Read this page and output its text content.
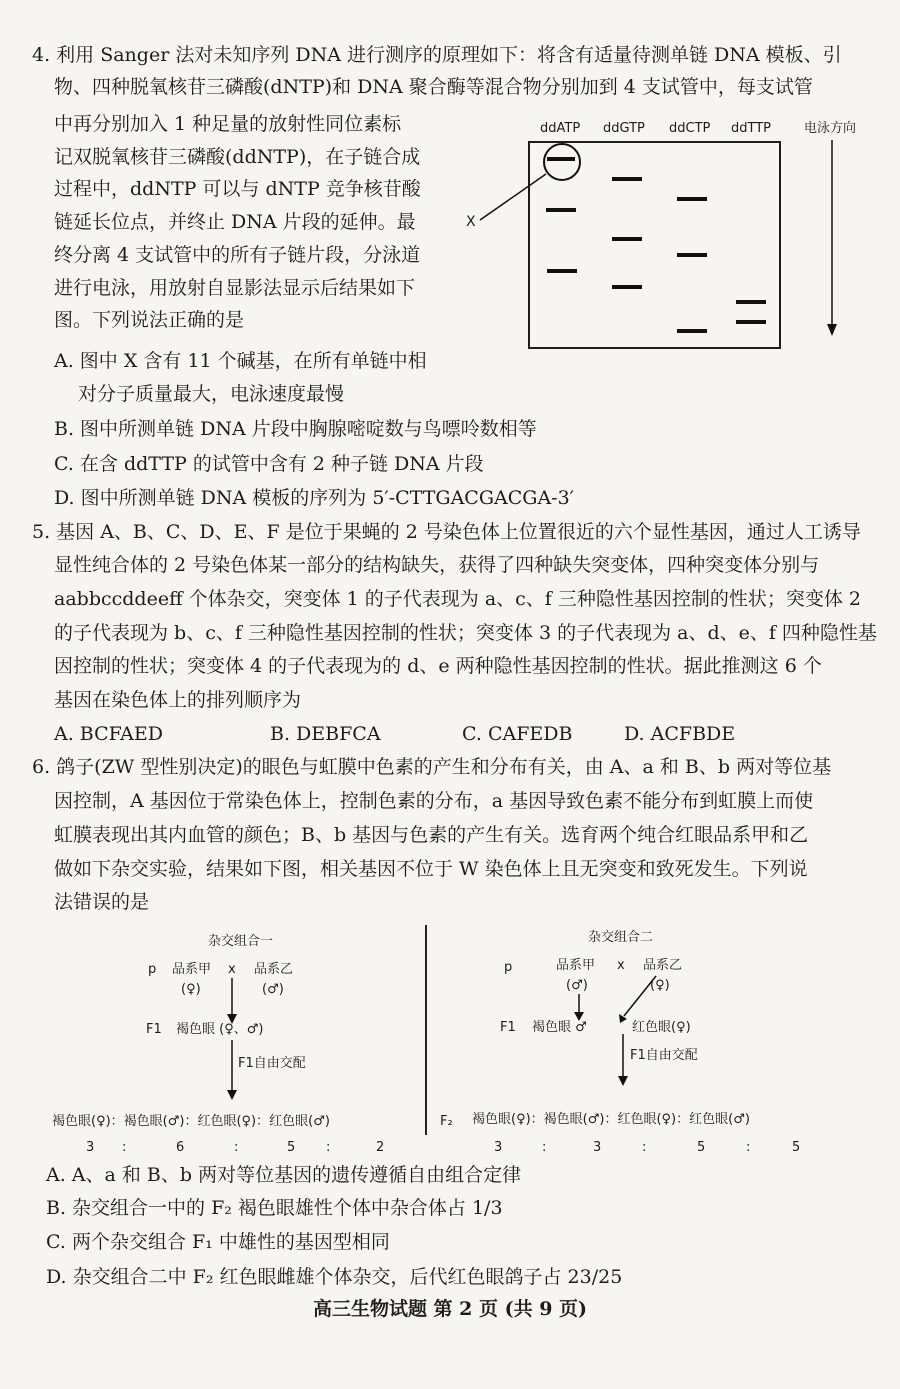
4. 利用 Sanger 法对未知序列 DNA 进行测序的原理如下：将含有适量待测单链 DNA 模板、引
物、四种脱氧核苷三磷酸(dNTP)和 DNA 聚合酶等混合物分别加到 4 支试管中，每支试管
中再分别加入 1 种足量的放射性同位素标
记双脱氧核苷三磷酸(ddNTP)，在子链合成
过程中，ddNTP 可以与 dNTP 竞争核苷酸
链延长位点，并终止 DNA 片段的延伸。最
终分离 4 支试管中的所有子链片段，分泳道
进行电泳，用放射自显影法显示后结果如下
图。下列说法正确的是
ddATP ddGTP ddCTP ddTTP	电泳方向
X
A. 图中 X 含有 11 个碱基，在所有单链中相
对分子质量最大，电泳速度最慢
B. 图中所测单链 DNA 片段中胸腺嘧啶数与鸟嘌呤数相等
C. 在含 ddTTP 的试管中含有 2 种子链 DNA 片段
D. 图中所测单链 DNA 模板的序列为 5′-CTTGACGACGA-3′
5. 基因 A、B、C、D、E、F 是位于果蝇的 2 号染色体上位置很近的六个显性基因，通过人工诱导
显性纯合体的 2 号染色体某一部分的结构缺失，获得了四种缺失突变体，四种突变体分别与
aabbccddeeff 个体杂交，突变体 1 的子代表现为 a、c、f 三种隐性基因控制的性状；突变体 2
的子代表现为 b、c、f 三种隐性基因控制的性状；突变体 3 的子代表现为 a、d、e、f 四种隐性基
因控制的性状；突变体 4 的子代表现为的 d、e 两种隐性基因控制的性状。据此推测这 6 个
基因在染色体上的排列顺序为
A. BCFAED	B. DEBFCA	C. CAFEDB	D. ACFBDE
6. 鸽子(ZW 型性别决定)的眼色与虹膜中色素的产生和分布有关，由 A、a 和 B、b 两对等位基
因控制，A 基因位于常染色体上，控制色素的分布，a 基因导致色素不能分布到虹膜上而使
虹膜表现出其内血管的颜色；B、b 基因与色素的产生有关。选育两个纯合红眼品系甲和乙
做如下杂交实验，结果如下图，相关基因不位于 W 染色体上且无突变和致死发生。下列说
法错误的是
杂交组合一
p 品系甲 x 品系乙
(♀)	(♂)
F1 褐色眼 (♀、♂)
F1自由交配
褐色眼(♀)：褐色眼(♂)：红色眼(♀)：红色眼(♂)
3 :	6	:	5 :	2
杂交组合二
p	品系甲 x 品系乙
(♂)	(♀)
F1 褐色眼 ♂	红色眼(♀)
F1自由交配
F₂ 褐色眼(♀)：褐色眼(♂)：红色眼(♀)：红色眼(♂)
3	:	3	:	5	:	5
A. A、a 和 B、b 两对等位基因的遗传遵循自由组合定律
B. 杂交组合一中的 F₂ 褐色眼雄性个体中杂合体占 1/3
C. 两个杂交组合 F₁ 中雄性的基因型相同
D. 杂交组合二中 F₂ 红色眼雌雄个体杂交，后代红色眼鸽子占 23/25
高三生物试题 第 2 页 (共 9 页)
